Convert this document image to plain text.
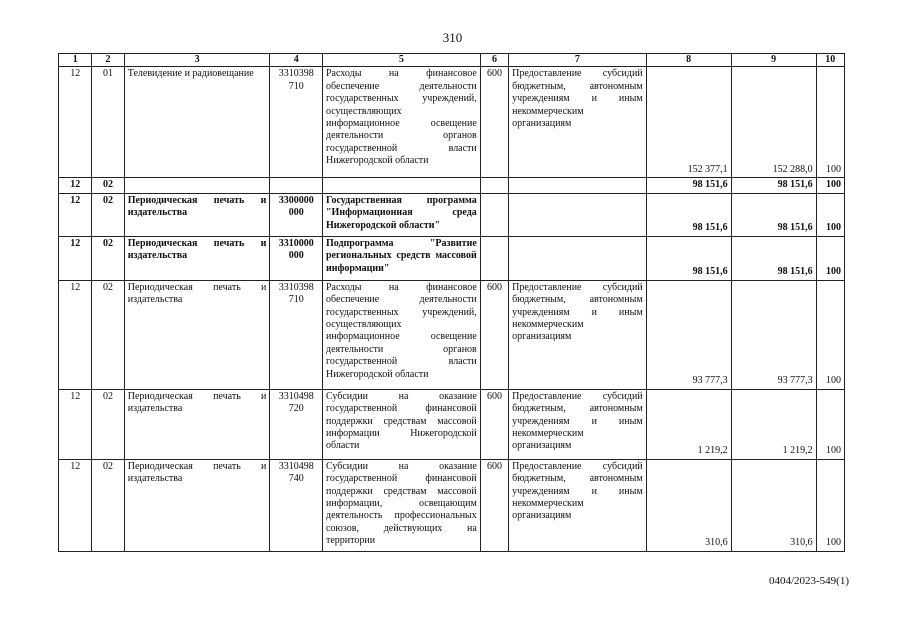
310
1	2	3	4	5	6	7	8	9	10
12	01	Телевидение и радиовещание	3310398 710	Расходы на финансовое обеспечение деятельности государственных учреждений, осуществляющих информационное освещение деятельности органов государственной власти Нижегородской области	600	Предоставление субсидий бюджетным, автономным учреждениям и иным некоммерческим организациям	152 377,1	152 288,0	100
12	02						98 151,6	98 151,6	100
12	02	Периодическая печать и издательства	3300000 000	Государственная программа "Информационная среда Нижегородской области"			98 151,6	98 151,6	100
12	02	Периодическая печать и издательства	3310000 000	Подпрограмма "Развитие региональных средств массовой информации"			98 151,6	98 151,6	100
12	02	Периодическая печать и издательства	3310398 710	Расходы на финансовое обеспечение деятельности государственных учреждений, осуществляющих информационное освещение деятельности органов государственной власти Нижегородской области	600	Предоставление субсидий бюджетным, автономным учреждениям и иным некоммерческим организациям	93 777,3	93 777,3	100
12	02	Периодическая печать и издательства	3310498 720	Субсидии на оказание государственной финансовой поддержки средствам массовой информации Нижегородской области	600	Предоставление субсидий бюджетным, автономным учреждениям и иным некоммерческим организациям	1 219,2	1 219,2	100
12	02	Периодическая печать и издательства	3310498 740	Субсидии на оказание государственной финансовой поддержки средствам массовой информации, освещающим деятельность профессиональных союзов, действующих на территории	600	Предоставление субсидий бюджетным, автономным учреждениям и иным некоммерческим организациям	310,6	310,6	100
0404/2023-549(1)
